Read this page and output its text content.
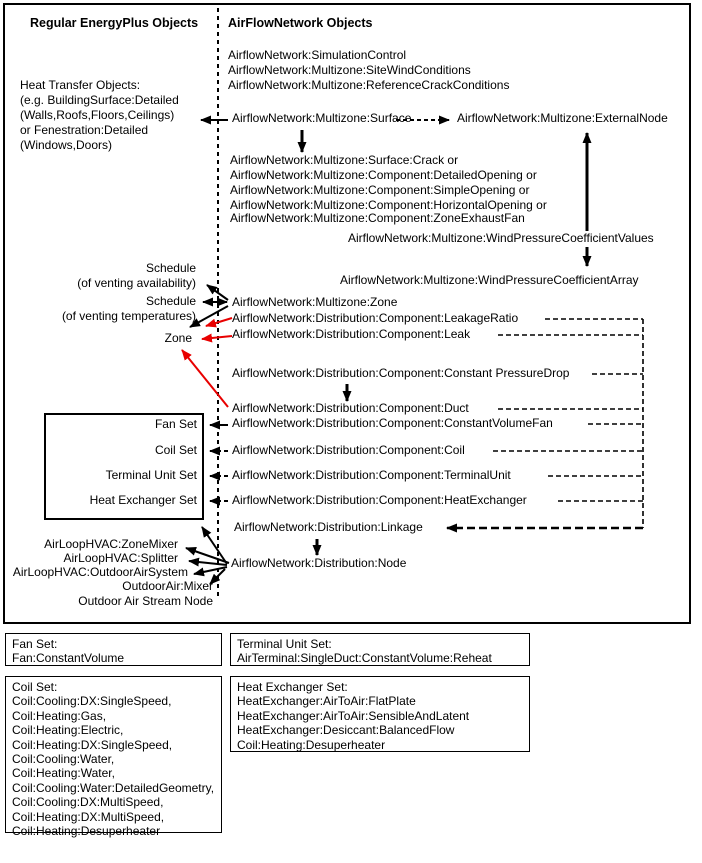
Regular EnergyPlus Objects AirFlowNetwork Objects
AirflowNetwork:SimulationControl
AirflowNetwork:Multizone:SiteWindConditions
AirflowNetwork:Multizone:ReferenceCrackConditions
Heat Transfer Objects:
(e.g. BuildingSurface:Detailed
(Walls,Roofs,Floors,Ceilings)
or Fenestration:Detailed
(Windows,Doors)
AirflowNetwork:Multizone:Surface	AirflowNetwork:Multizone:ExternalNode
AirflowNetwork:Multizone:Surface:Crack or
AirflowNetwork:Multizone:Component:DetailedOpening or
AirflowNetwork:Multizone:Component:SimpleOpening or
AirflowNetwork:Multizone:Component:HorizontalOpening or
AirflowNetwork:Multizone:Component:ZoneExhaustFan
AirflowNetwork:Multizone:WindPressureCoefficientValues
AirflowNetwork:Multizone:WindPressureCoefficientArray
Schedule
(of venting availability)
Schedule
(of venting temperatures)
Zone
AirflowNetwork:Multizone:Zone
AirflowNetwork:Distribution:Component:LeakageRatio
AirflowNetwork:Distribution:Component:Leak
AirflowNetwork:Distribution:Component:Constant PressureDrop
AirflowNetwork:Distribution:Component:Duct
AirflowNetwork:Distribution:Component:ConstantVolumeFan
AirflowNetwork:Distribution:Component:Coil
AirflowNetwork:Distribution:Component:TerminalUnit
AirflowNetwork:Distribution:Component:HeatExchanger
AirflowNetwork:Distribution:Linkage
AirflowNetwork:Distribution:Node
Fan Set
Coil Set
Terminal Unit Set
Heat Exchanger Set
AirLoopHVAC:ZoneMixer
AirLoopHVAC:Splitter
AirLoopHVAC:OutdoorAirSystem
OutdoorAir:Mixer
Outdoor Air Stream Node
Fan Set:
Fan:ConstantVolume
Terminal Unit Set:
AirTerminal:SingleDuct:ConstantVolume:Reheat
Coil Set:
Coil:Cooling:DX:SingleSpeed,
Coil:Heating:Gas,
Coil:Heating:Electric,
Coil:Heating:DX:SingleSpeed,
Coil:Cooling:Water,
Coil:Heating:Water,
Coil:Cooling:Water:DetailedGeometry,
Coil:Cooling:DX:MultiSpeed,
Coil:Heating:DX:MultiSpeed,
Coil:Heating:Desuperheater
Heat Exchanger Set:
HeatExchanger:AirToAir:FlatPlate
HeatExchanger:AirToAir:SensibleAndLatent
HeatExchanger:Desiccant:BalancedFlow
Coil:Heating:Desuperheater
